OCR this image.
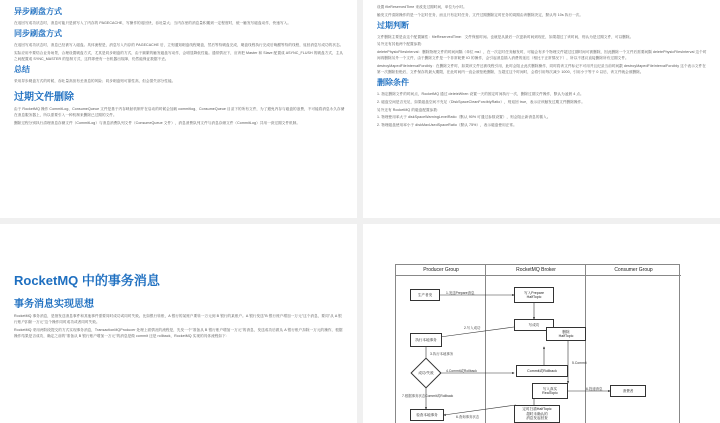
异步刷盘方式

在返回写成功状态时，消息可能只是被写入了内存的 PAGECACHE，写操作的返回快，吞吐量大；当内存里的消息量积累到一定程度时，统一触发写磁盘动作，快速写入。

同步刷盘方式

在返回写成功状态时，消息已经被写入磁盘。具体流程是，消息写入内存的 PAGECACHE 后，立刻通知刷盘线程刷盘，然后等待刷盘完成，刷盘线程执行完成后唤醒等待的线程，返回消息写成功的状态。

实际应用中要结合业务场景，合理设置刷盘方式，尤其是同步刷盘的方式，由于频繁的触发磁盘写动作，会明显降低性能。通常情况下，应该把 Master 和 Slave 配置成 ASYNC_FLUSH 的刷盘方式，主从之间配置成 SYNC_MASTER 的复制方式，这样即使有一台机器出故障，仍然能保证数据不丢。

总结

采用异步刷盘方式的时候，吞吐量高但有丢消息的风险；同步刷盘则可靠性高，但会损失部分性能。

过期文件删除

由于 RocketMQ 操作 CommitLog、ConsumeQueue 文件是基于内存映射机制并在启动的时候会加载 commitlog、ConsumeQueue 目录下的所有文件，为了避免内存与磁盘的浪费，不可能将消息永久存储在消息服务器上，所以需要引入一种机制来删除已过期的文件。

删除过程分别执行清理消息存储文件（CommitLog）与消息消费队列文件（ConsumeQueue 文件），消息消费队列文件与消息存储文件（CommitLog）共用一套过期文件机制。

设置 fileReservedTime 来改变过期时间，单位为小时。

触发文件清除操作的是一个定时任务，而且只有定时任务，文件过期删除定时任务的周期由该删除决定，默认每 10s 执行一次。

过期判断

文件删除主要是由这个配置属性：fileReservedTime：文件保留时间。也就是从最后一次更新时间到现在，如果超过了该时间，则认为是过期文件，可以删除。

另外还有其他两个配置参数：

deletePhysicFilesInterval：删除物理文件的时间间隔（单位 ms），在一次定时任务触发时，可能会有多个物理文件超过过期时间可被删除，因此删除一个文件后需要间隔 deletePhysicFilesInterval 这个时间再删除另外一个文件，由于删除文件是一个非常耗费 IO 的操作，会引起消息插入消费的延迟（相比于正常情况下），所以不建议直接删除所有过期文件。

destroyMapedFileIntervalForcibly：在删除文件时，如果该文件还被线程引用，此时会阻止此次删除操作，同时将该文件标记不可用并且纪录当前时间戳 destroyMapedFileIntervalForcibly 这个表示文件在第一次删除拒绝后，文件保存的最大期限，在此时间内一直会被拒绝删除，当超过这个时间时，会将引用每次减少 1000，引用小于等于 0 以后，该文件就会被删除。

删除条件

1. 指定删除文件的时间点，RocketMQ 通过 deleteWhen 设置一天的固定时间执行一次，删除过期文件操作，默认为凌晨 4 点。

2. 磁盘空间是否充足，如果磁盘空间不充足（DiskSpaceCleanForciblyRatio），则返回 true，表示应该触发过期文件删除操作。

另外还有 RocketMQ 的磁盘配置参数：

1. 物理使用率大于 diskSpaceWarningLevelRatio（默认 90% 可通过参数设置），则会阻止新消息的插入。

2. 物理磁盘使用率小于 diskMaxUsedSpaceRatio（默认 75%），表示磁盘使用正常。

RocketMQ 中的事务消息
事务消息实现思想

RocketMQ 事务消息，是指发送消息事件和其他事件需要同时成功或同时失败。比如银行转账，A 银行的某账户要转一万元到 B 银行的某账户。A 银行发送"B 银行账户增加一万元"这个消息，要同"从 A 银行账户扣除一万元"这个操作同时成功或者同时失败。

RocketMQ 采用两阶段提交的方式实现事务消息，TransactionMQProducer 处理上面情况的流程是，先发一个"准备从 B 银行账户增加一万元"的消息，发送成功后做从 A 银行账户扣除一万元的操作，根据操作结果是否成功，确定之前的"准备从 B 银行账户增加一万元"的消息是做 commit 还是 rollback，RocketMQ 实现的具体流程如下：

Producer Group	RocketMQ Broker	Consumer Group
生产者发
写入Prepare
HalfTopic
写成功
执行本地事务
成功/失败
Commit或Rollback
删除
HalfTopic
写入真实
RealTopic
消费者
定时扫描HalfTopic
超时未确认的
消息发起回查
检查本地事务
1.发送Prepare消息
2.写入成功
3.执行本地事务
4.Commit或Rollback
5.Commit
6.投递消息
7.根据事务状态Commit或Rollback
6.查询事务状态
